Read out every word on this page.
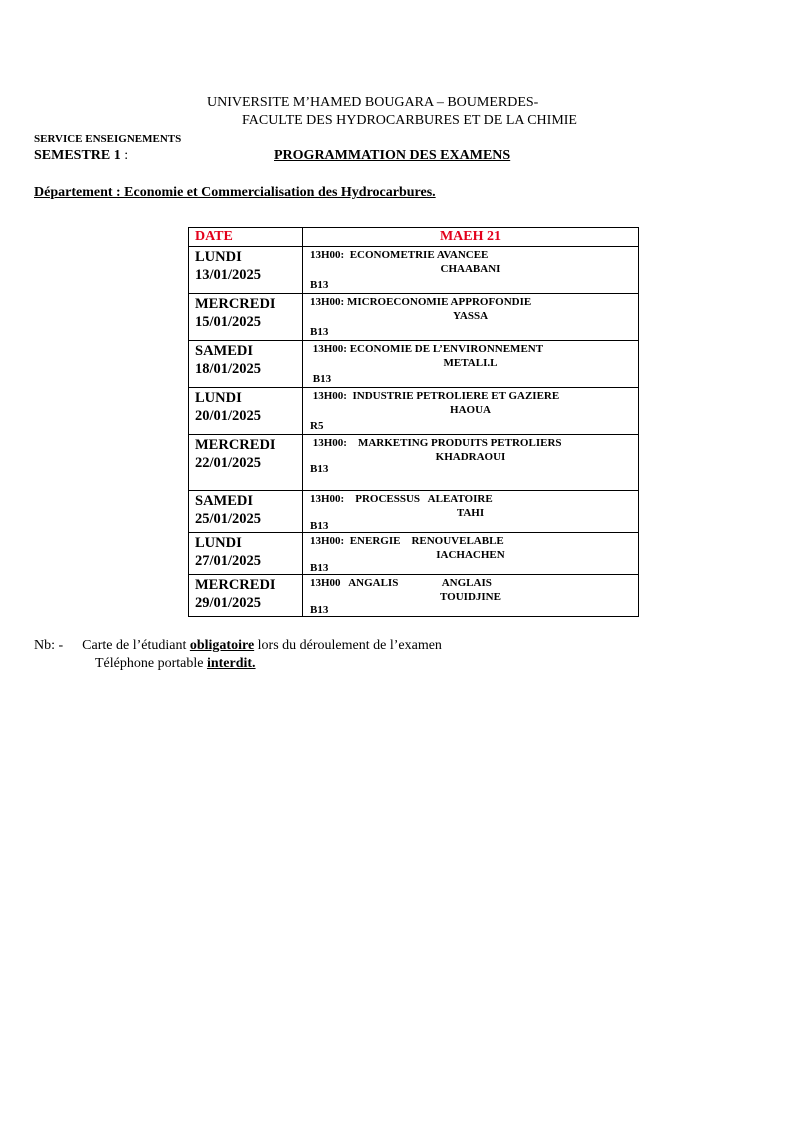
UNIVERSITE M’HAMED BOUGARA – BOUMERDES-
FACULTE DES HYDROCARBURES ET DE LA CHIMIE
SERVICE ENSEIGNEMENTS
SEMESTRE 1 :	PROGRAMMATION DES EXAMENS
Département : Economie et Commercialisation des Hydrocarbures.
DATE	MAEH 21

LUNDI
13/01/2025	13H00:  ECONOMETRIE AVANCEE
CHAABANI
B13

MERCREDI
15/01/2025	13H00: MICROECONOMIE APPROFONDIE
YASSA
B13

SAMEDI
18/01/2025	13H00: ECONOMIE DE L’ENVIRONNEMENT
METALI.L
B13

LUNDI
20/01/2025	13H00:  INDUSTRIE PETROLIERE ET GAZIERE
HAOUA
R5

MERCREDI
22/01/2025	13H00:    MARKETING PRODUITS PETROLIERS
KHADRAOUI
B13

SAMEDI
25/01/2025	13H00:    PROCESSUS   ALEATOIRE
TAHI
B13

LUNDI
27/01/2025	13H00:  ENERGIE    RENOUVELABLE
IACHACHEN
B13

MERCREDI
29/01/2025	13H00   ANGALIS                ANGLAIS
TOUIDJINE
B13
Nb: - Carte de l’étudiant obligatoire lors du déroulement de l’examen
Téléphone portable interdit.
